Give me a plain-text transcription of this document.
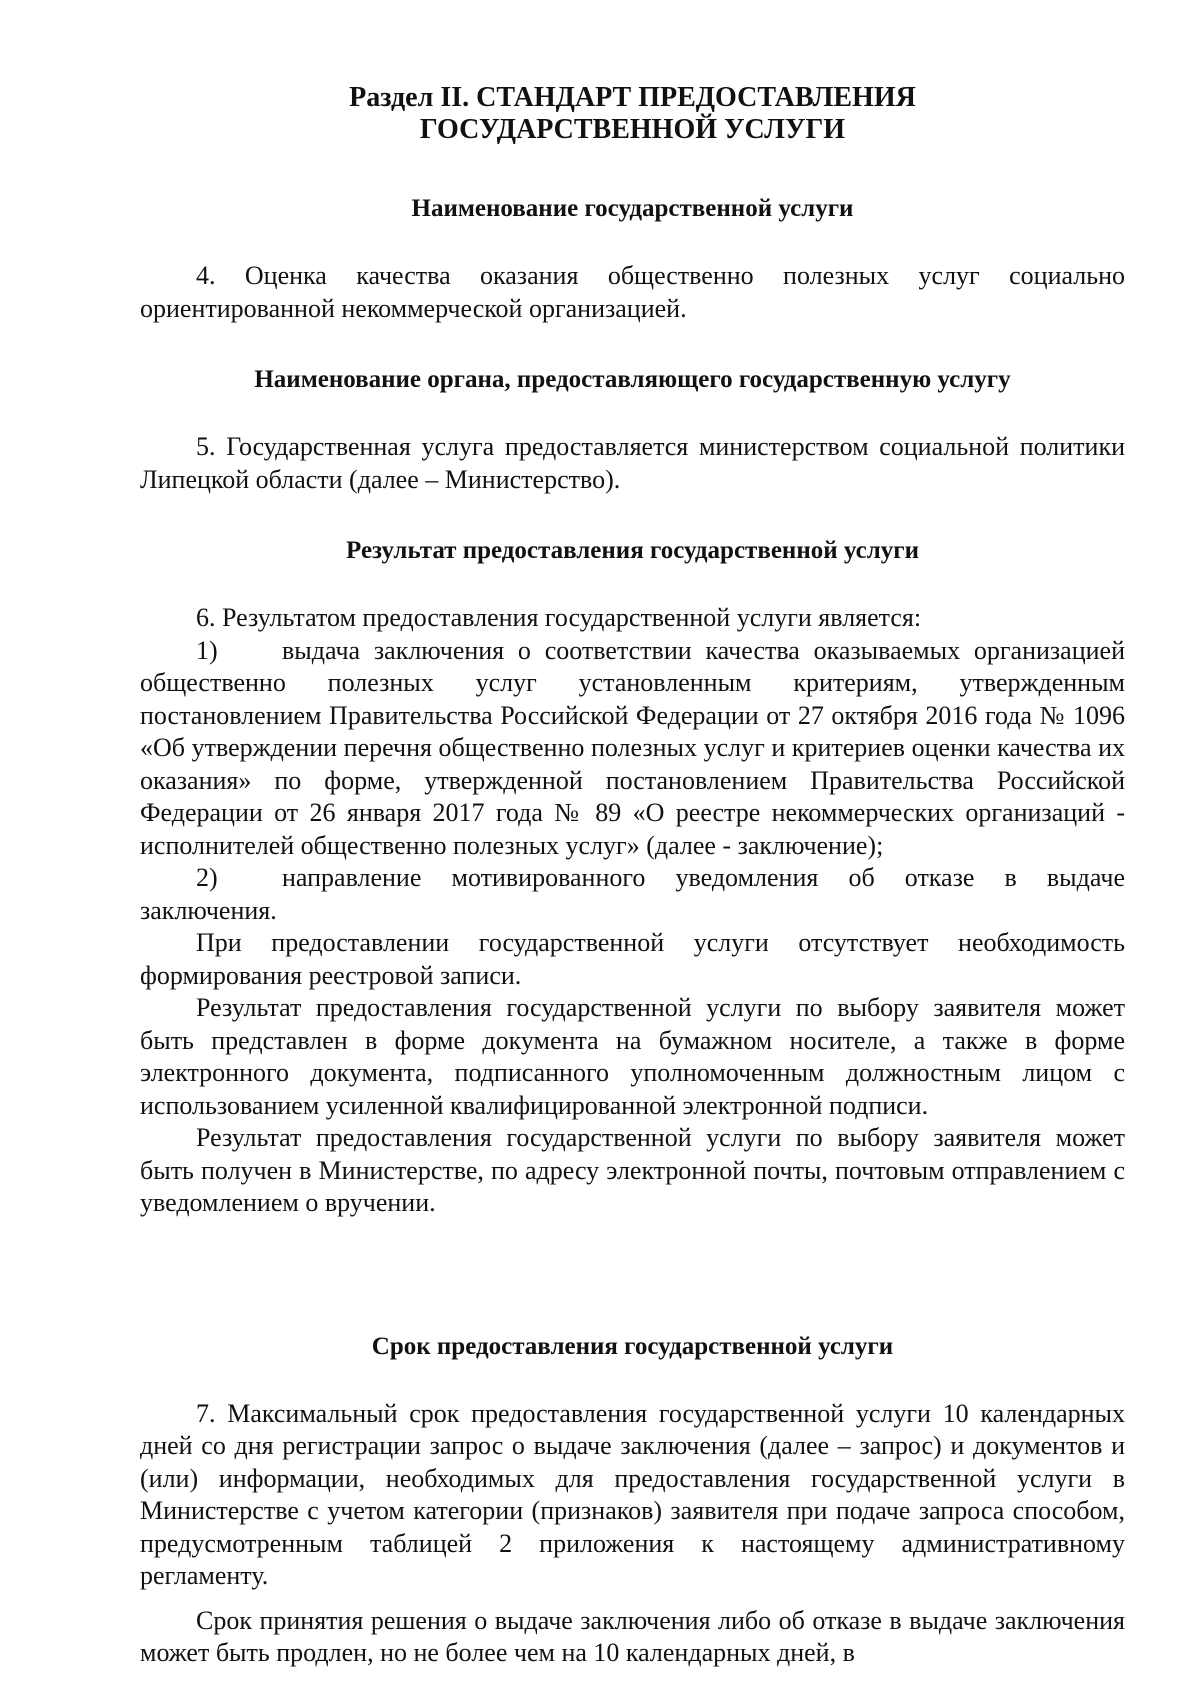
Раздел II. СТАНДАРТ ПРЕДОСТАВЛЕНИЯ
ГОСУДАРСТВЕННОЙ УСЛУГИ
Наименование государственной услуги

4. Оценка качества оказания общественно полезных услуг социально ориентированной некоммерческой организацией.

Наименование органа, предоставляющего государственную услугу

5. Государственная услуга предоставляется министерством социальной политики Липецкой области (далее – Министерство).

Результат предоставления государственной услуги

6. Результатом предоставления государственной услуги является:

1) выдача заключения о соответствии качества оказываемых организацией общественно полезных услуг установленным критериям, утвержденным постановлением Правительства Российской Федерации от 27 октября 2016 года № 1096 «Об утверждении перечня общественно полезных услуг и критериев оценки качества их оказания» по форме, утвержденной постановлением Правительства Российской Федерации от 26 января 2017 года № 89 «О реестре некоммерческих организаций - исполнителей общественно полезных услуг» (далее - заключение);

2) направление мотивированного уведомления об отказе в выдаче заключения.

При предоставлении государственной услуги отсутствует необходимость формирования реестровой записи.

Результат предоставления государственной услуги по выбору заявителя может быть представлен в форме документа на бумажном носителе, а также в форме электронного документа, подписанного уполномоченным должностным лицом с использованием усиленной квалифицированной электронной подписи.

Результат предоставления государственной услуги по выбору заявителя может быть получен в Министерстве, по адресу электронной почты, почтовым отправлением с уведомлением о вручении.

Срок предоставления государственной услуги

7. Максимальный срок предоставления государственной услуги 10 календарных дней со дня регистрации запрос о выдаче заключения (далее – запрос) и документов и (или) информации, необходимых для предоставления государственной услуги в Министерстве с учетом категории (признаков) заявителя при подаче запроса способом, предусмотренным таблицей 2 приложения к настоящему административному регламенту.

Срок принятия решения о выдаче заключения либо об отказе в выдаче заключения может быть продлен, но не более чем на 10 календарных дней, в
